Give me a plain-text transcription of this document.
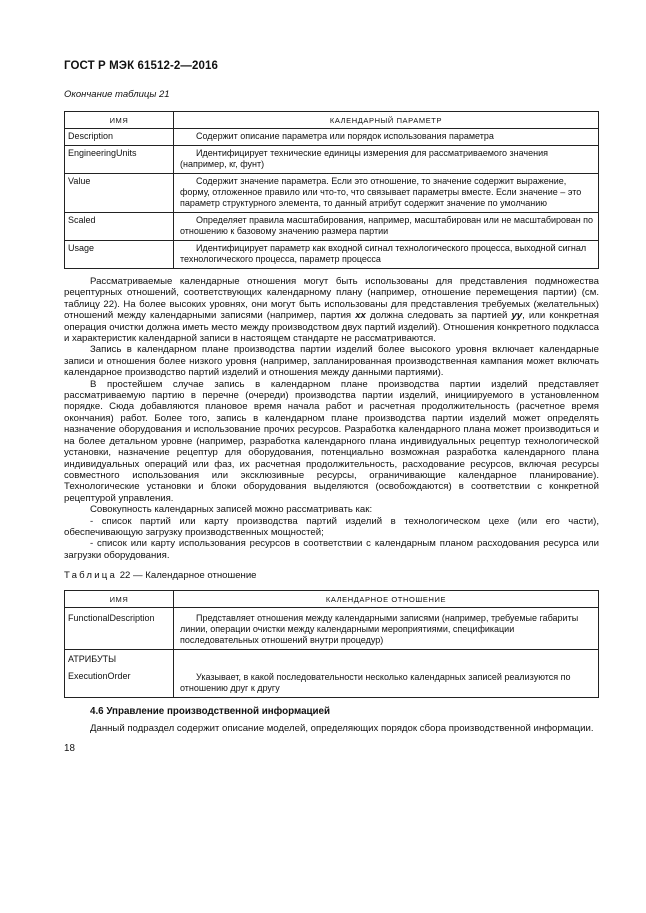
ГОСТ Р МЭК 61512-2—2016
Окончание таблицы 21
ИМЯ	КАЛЕНДАРНЫЙ ПАРАМЕТР
Description	Содержит описание параметра или порядок использования параметра

EngineeringUnits	Идентифицирует технические единицы измерения для рассматриваемого значения (например, кг, фунт)

Value	Содержит значение параметра. Если это отношение, то значение содержит выражение, форму, отложенное правило или что-то, что связывает параметры вместе. Если значение – это параметр структурного элемента, то данный атрибут содержит значение по умолчанию

Scaled	Определяет правила масштабирования, например, масштабирован или не масштабирован по отношению к базовому значению размера партии

Usage	Идентифицирует параметр как входной сигнал технологического процесса, выходной сигнал технологического процесса, параметр процесса

Рассматриваемые календарные отношения могут быть использованы для представления подмножества рецептурных отношений, соответствующих календарному плану (например, отношение перемещения партии) (см. таблицу 22). На более высоких уровнях, они могут быть использованы для представления требуемых (желательных) отношений между календарными записями (например, партия xx должна следовать за партией yy, или конкретная операция очистки должна иметь место между производством двух партий изделий). Отношения конкретного подкласса и характеристик календарной записи в настоящем стандарте не рассматриваются.

Запись в календарном плане производства партии изделий более высокого уровня включает календарные записи и отношения более низкого уровня (например, запланированная производственная кампания может включать календарное производство партий изделий и отношения между данными партиями).

В простейшем случае запись в календарном плане производства партии изделий представляет рассматриваемую партию в перечне (очереди) производства партии изделий, инициируемого в установленном порядке. Сюда добавляются плановое время начала работ и расчетная продолжительность (расчетное время окончания) работ. Более того, запись в календарном плане производства партии изделий может определять назначение оборудования и использование прочих ресурсов. Разработка календарного плана может производиться и на более детальном уровне (например, разработка календарного плана индивидуальных рецептур технологической установки, назначение рецептур для оборудования, потенциально возможная разработка календарного плана индивидуальных операций или фаз, их расчетная продолжительность, расходование ресурсов, включая ресурсы совместного использования или эксклюзивные ресурсы, ограничивающие календарное планирование). Технологические установки и блоки оборудования выделяются (освобождаются) в соответствии с конкретной рецептурой управления.

Совокупность календарных записей можно рассматривать как:

- список партий или карту производства партий изделий в технологическом цехе (или его части), обеспечивающую загрузку производственных мощностей;

- список или карту использования ресурсов в соответствии с календарным планом расходования ресурса или загрузки оборудования.

Таблица 22 — Календарное отношение
ИМЯ	КАЛЕНДАРНОЕ ОТНОШЕНИЕ
FunctionalDescription	Представляет отношения между календарными записями (например, требуемые габариты линии, операции очистки между календарными мероприятиями, спецификации последовательных отношений внутри процедур)

АТРИБУТЫ	
ExecutionOrder	Указывает, в какой последовательности несколько календарных записей реализуются по отношению друг к другу
4.6 Управление производственной информацией

Данный подраздел содержит описание моделей, определяющих порядок сбора производственной информации.

18
